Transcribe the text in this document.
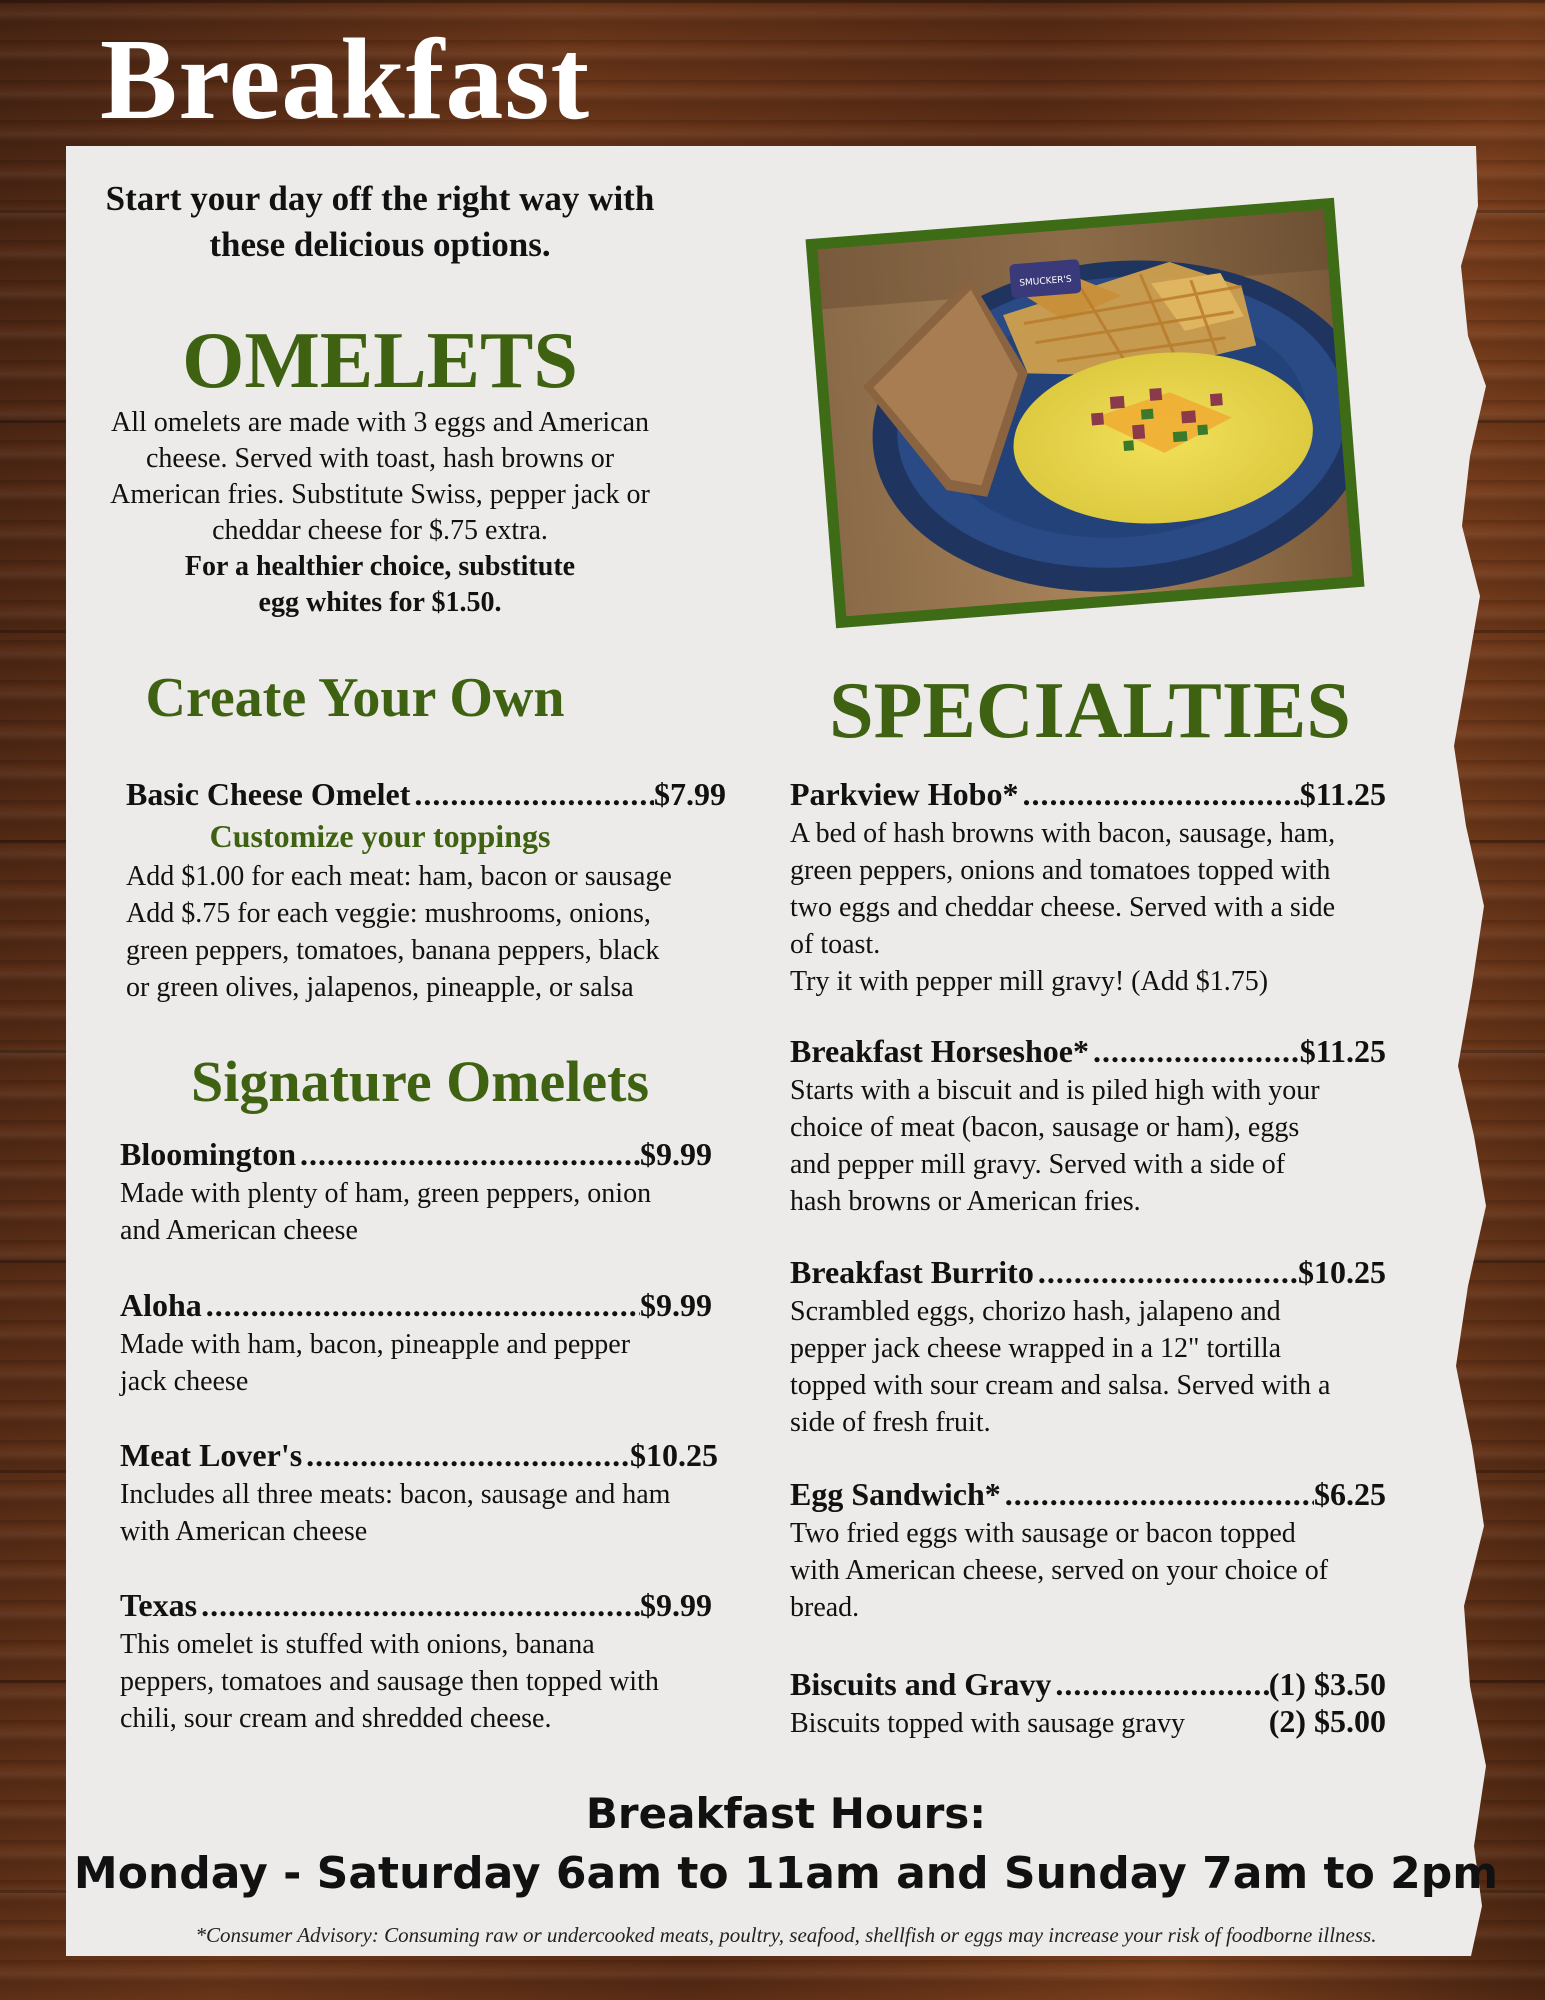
Breakfast
Start your day off the right way with
these delicious options.
OMELETS
All omelets are made with 3 eggs and American
cheese. Served with toast, hash browns or
American fries. Substitute Swiss, pepper jack or
cheddar cheese for $.75 extra.
For a healthier choice, substitute
egg whites for $1.50.
Create Your Own
Basic Cheese Omelet .....	$7.99
Customize your toppings
Add $1.00 for each meat: ham, bacon or sausage
Add $.75 for each veggie: mushrooms, onions,
green peppers, tomatoes, banana peppers, black
or green olives, jalapenos, pineapple, or salsa
Signature Omelets
Bloomington .....	$9.99
Made with plenty of ham, green peppers, onion
and American cheese
Aloha .....	$9.99
Made with ham, bacon, pineapple and pepper
jack cheese
Meat Lover's .....	$10.25
Includes all three meats: bacon, sausage and ham
with American cheese
Texas .....	$9.99
This omelet is stuffed with onions, banana
peppers, tomatoes and sausage then topped with
chili, sour cream and shredded cheese.
SMUCKER'S
SPECIALTIES
Parkview Hobo* .....	$11.25
A bed of hash browns with bacon, sausage, ham,
green peppers, onions and tomatoes topped with
two eggs and cheddar cheese. Served with a side
of toast.
Try it with pepper mill gravy! (Add $1.75)
Breakfast Horseshoe* .....	$11.25
Starts with a biscuit and is piled high with your
choice of meat (bacon, sausage or ham), eggs
and pepper mill gravy. Served with a side of
hash browns or American fries.
Breakfast Burrito .....	$10.25
Scrambled eggs, chorizo hash, jalapeno and
pepper jack cheese wrapped in a 12" tortilla
topped with sour cream and salsa. Served with a
side of fresh fruit.
Egg Sandwich* .....	$6.25
Two fried eggs with sausage or bacon topped
with American cheese, served on your choice of
bread.
Biscuits and Gravy .....	(1) $3.50
Biscuits topped with sausage gravy	(2) $5.00
Breakfast Hours:
Monday - Saturday 6am to 11am and Sunday 7am to 2pm
*Consumer Advisory: Consuming raw or undercooked meats, poultry, seafood, shellfish or eggs may increase your risk of foodborne illness.
